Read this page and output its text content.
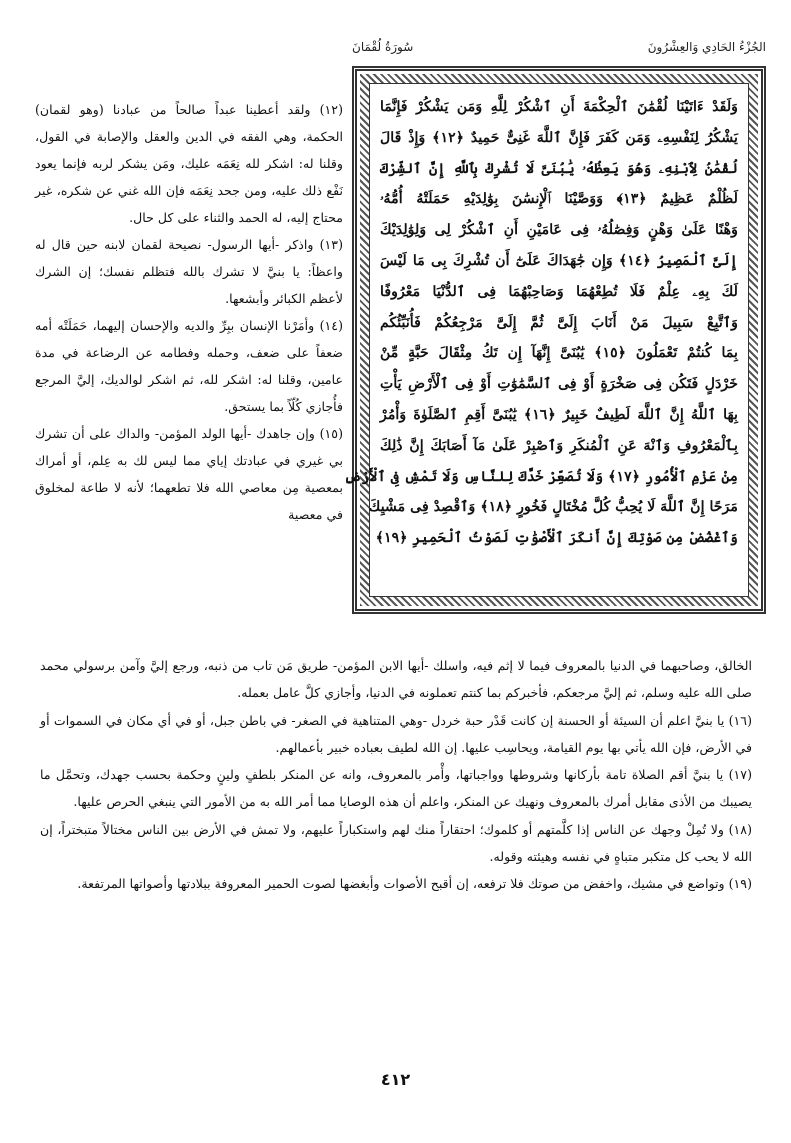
الجُزْءُ الحَادِي وَالعِشْرُونَ
سُورَةُ لُقْمَانَ
وَلَقَدْ ءَاتَيْنَا لُقْمَٰنَ ٱلْحِكْمَةَ أَنِ ٱشْكُرْ لِلَّهِ وَمَن يَشْكُرْ فَإِنَّمَا
يَشْكُرُ لِنَفْسِهِۦ وَمَن كَفَرَ فَإِنَّ ٱللَّهَ غَنِىٌّ حَمِيدٌ ﴿١٢﴾ وَإِذْ قَالَ
لُقْمَٰنُ لِٱبْنِهِۦ وَهُوَ يَعِظُهُۥ يَٰبُنَىَّ لَا تُشْرِكْ بِٱللَّهِ إِنَّ ٱلشِّرْكَ
لَظُلْمٌ عَظِيمٌ ﴿١٣﴾ وَوَصَّيْنَا ٱلْإِنسَٰنَ بِوَٰلِدَيْهِ حَمَلَتْهُ أُمُّهُۥ
وَهْنًا عَلَىٰ وَهْنٍ وَفِصَٰلُهُۥ فِى عَامَيْنِ أَنِ ٱشْكُرْ لِى وَلِوَٰلِدَيْكَ
إِلَىَّ ٱلْمَصِيرُ ﴿١٤﴾ وَإِن جَٰهَدَاكَ عَلَىٰٓ أَن تُشْرِكَ بِى مَا لَيْسَ
لَكَ بِهِۦ عِلْمٌ فَلَا تُطِعْهُمَا وَصَاحِبْهُمَا فِى ٱلدُّنْيَا مَعْرُوفًا
وَٱتَّبِعْ سَبِيلَ مَنْ أَنَابَ إِلَىَّ ثُمَّ إِلَىَّ مَرْجِعُكُمْ فَأُنَبِّئُكُم
بِمَا كُنتُمْ تَعْمَلُونَ ﴿١٥﴾ يَٰبُنَىَّ إِنَّهَآ إِن تَكُ مِثْقَالَ حَبَّةٍ مِّنْ
خَرْدَلٍ فَتَكُن فِى صَخْرَةٍ أَوْ فِى ٱلسَّمَٰوَٰتِ أَوْ فِى ٱلْأَرْضِ يَأْتِ
بِهَا ٱللَّهُ إِنَّ ٱللَّهَ لَطِيفٌ خَبِيرٌ ﴿١٦﴾ يَٰبُنَىَّ أَقِمِ ٱلصَّلَوٰةَ وَأْمُرْ
بِٱلْمَعْرُوفِ وَٱنْهَ عَنِ ٱلْمُنكَرِ وَٱصْبِرْ عَلَىٰ مَآ أَصَابَكَ إِنَّ ذَٰلِكَ
مِنْ عَزْمِ ٱلْأُمُورِ ﴿١٧﴾ وَلَا تُصَعِّرْ خَدَّكَ لِلنَّاسِ وَلَا تَمْشِ فِى ٱلْأَرْضِ
مَرَحًا إِنَّ ٱللَّهَ لَا يُحِبُّ كُلَّ مُخْتَالٍ فَخُورٍ ﴿١٨﴾ وَٱقْصِدْ فِى مَشْيِكَ
وَٱغْضُضْ مِن صَوْتِكَ إِنَّ أَنكَرَ ٱلْأَصْوَٰتِ لَصَوْتُ ٱلْحَمِيرِ ﴿١٩﴾

(١٢) ولقد أعطينا عبداً صالحاً من عبادنا (وهو لقمان) الحكمة، وهي الفقه في الدين والعقل والإصابة في القول، وقلنا له: اشكر لله نِعَمَه عليك، ومَن يشكر لربه فإنما يعود نَفْع ذلك عليه، ومن جحد نِعَمَه فإن الله غني عن شكره، غير محتاج إليه، له الحمد والثناء على كل حال.

(١٣) واذكر -أيها الرسول- نصيحة لقمان لابنه حين قال له واعظاً: يا بنيَّ لا تشرك بالله فتظلم نفسك؛ إن الشرك لأعظم الكبائر وأبشعها.

(١٤) وأمَرْنا الإنسان ببِرِّ والديه والإحسان إليهما، حَمَلَتْه أمه ضعفاً على ضعف، وحمله وفطامه عن الرضاعة في مدة عامين، وقلنا له: اشكر لله، ثم اشكر لوالديك، إليَّ المرجع فأُجازي كُلّاً بما يستحق.

(١٥) وإن جاهدك -أيها الولد المؤمن- والداك على أن تشرك بي غيري في عبادتك إياي مما ليس لك به عِلم، أو أمراك بمعصية مِن معاصي الله فلا تطعهما؛ لأنه لا طاعة لمخلوق في معصية

الخالق، وصاحبهما في الدنيا بالمعروف فيما لا إثم فيه، واسلك -أيها الابن المؤمن- طريق مَن تاب من ذنبه، ورجع إليَّ وآمن برسولي محمد صلى الله عليه وسلم، ثم إليَّ مرجعكم، فأخبركم بما كنتم تعملونه في الدنيا، وأجازي كلَّ عامل بعمله.

(١٦) يا بنيَّ اعلم أن السيئة أو الحسنة إن كانت قَدْر حبة خردل -وهي المتناهية في الصغر- في باطن جبل، أو في أي مكان في السموات أو في الأرض، فإن الله يأتي بها يوم القيامة، ويحاسِب عليها. إن الله لطيف بعباده خبير بأعمالهم.

(١٧) يا بنيَّ أقم الصلاة تامة بأركانها وشروطها وواجباتها، وأْمر بالمعروف، وانه عن المنكر بلطفٍ ولينٍ وحكمة بحسب جهدك، وتحمَّل ما يصيبك من الأذى مقابل أمرك بالمعروف ونهيك عن المنكر، واعلم أن هذه الوصايا مما أمر الله به من الأمور التي ينبغي الحرص عليها.

(١٨) ولا تُمِلْ وجهك عن الناس إذا كلَّمتهم أو كلموك؛ احتقاراً منك لهم واستكباراً عليهم، ولا تمش في الأرض بين الناس مختالاً متبختراً، إن الله لا يحب كل متكبر متباهٍ في نفسه وهيئته وقوله.

(١٩) وتواضع في مشيك، واخفض من صوتك فلا ترفعه، إن أقبح الأصوات وأبغضها لصوت الحمير المعروفة ببلادتها وأصواتها المرتفعة.

٤١٢
